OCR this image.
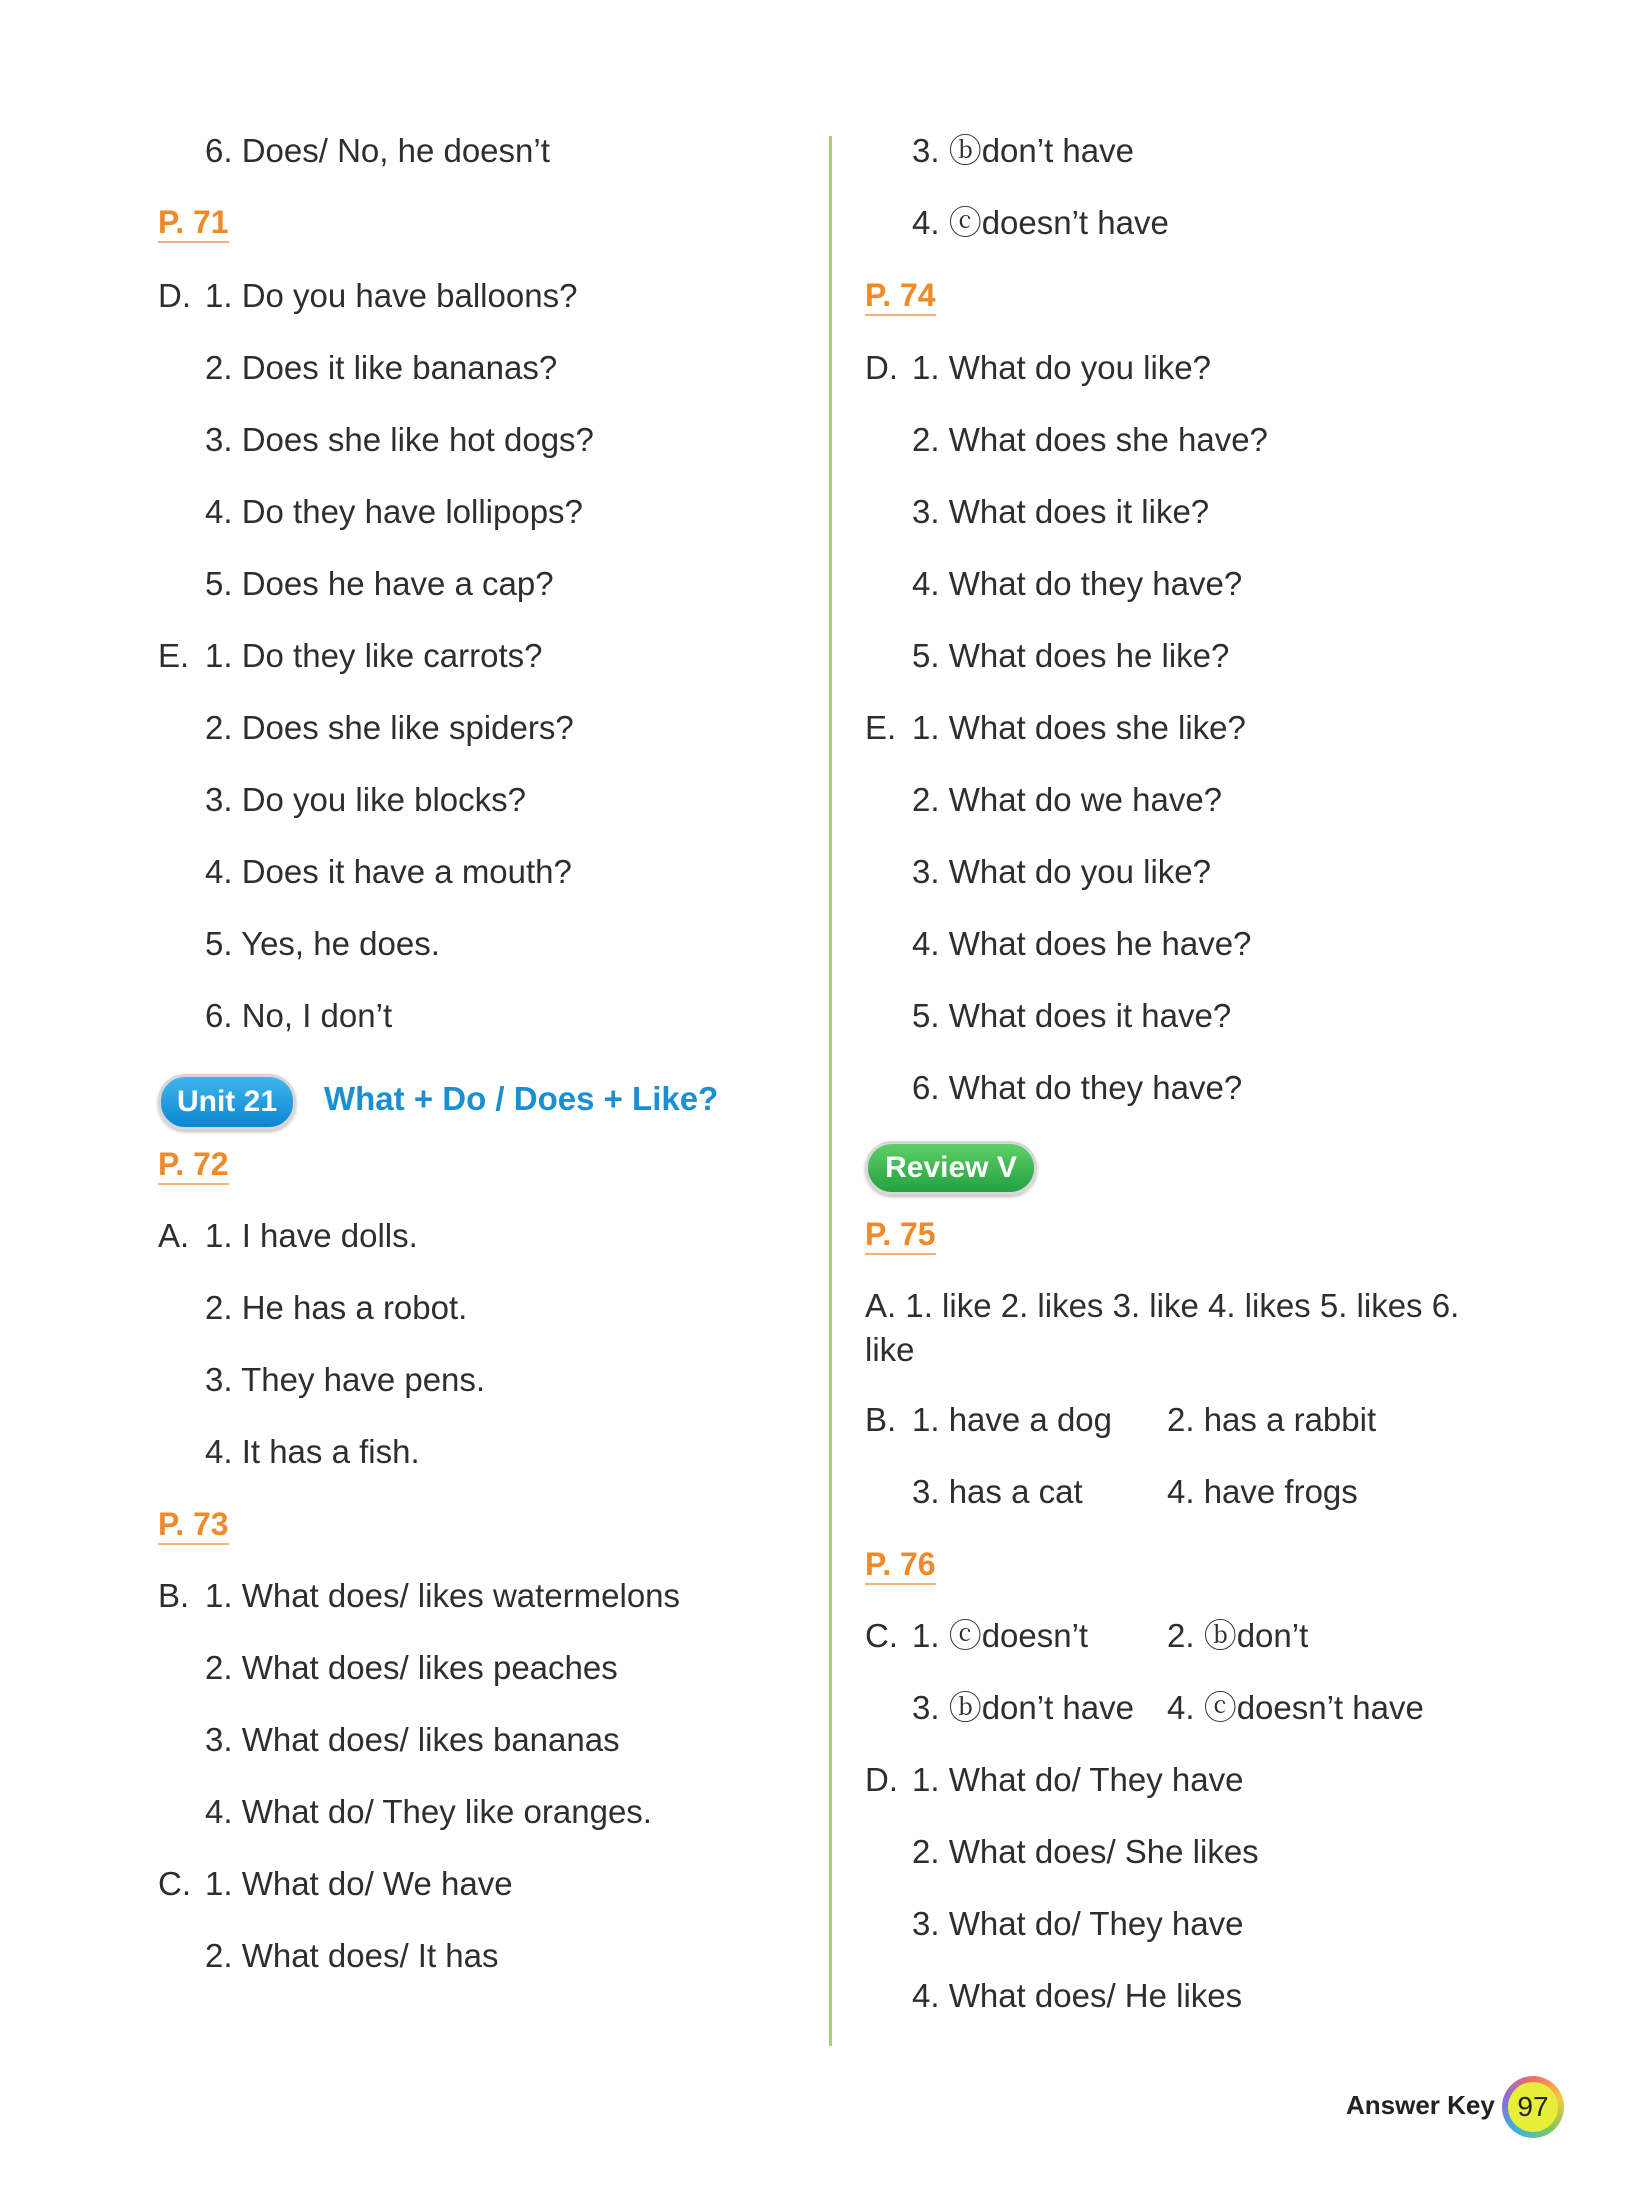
6. Does/ No, he doesn’t
P. 71
D. 1. Do you have balloons?
2. Does it like bananas?
3. Does she like hot dogs?
4. Do they have lollipops?
5. Does he have a cap?
E. 1. Do they like carrots?
2. Does she like spiders?
3. Do you like blocks?
4. Does it have a mouth?
5. Yes, he does.
6. No, I don’t
Unit 21	What + Do / Does + Like?
P. 72
A. 1. I have dolls.
2. He has a robot.
3. They have pens.
4. It has a fish.
P. 73
B. 1. What does/ likes watermelons
2. What does/ likes peaches
3. What does/ likes bananas
4. What do/ They like oranges.
C. 1. What do/ We have
2. What does/ It has
3. ⓑdon’t have
4. ⓒdoesn’t have
P. 74
D. 1. What do you like?
2. What does she have?
3. What does it like?
4. What do they have?
5. What does he like?
E. 1. What does she like?
2. What do we have?
3. What do you like?
4. What does he have?
5. What does it have?
6. What do they have?
Review V
P. 75
A. 1. like 2. likes 3. like 4. likes 5. likes 6. like
B. 1. have a dog 2. has a rabbit
3. has a cat	4. have frogs
P. 76
C. 1. ⓒdoesn’t 2. ⓑdon’t
3. ⓑdon’t have 4. ⓒdoesn’t have
D. 1. What do/ They have
2. What does/ She likes
3. What do/ They have
4. What does/ He likes
Answer Key 97
